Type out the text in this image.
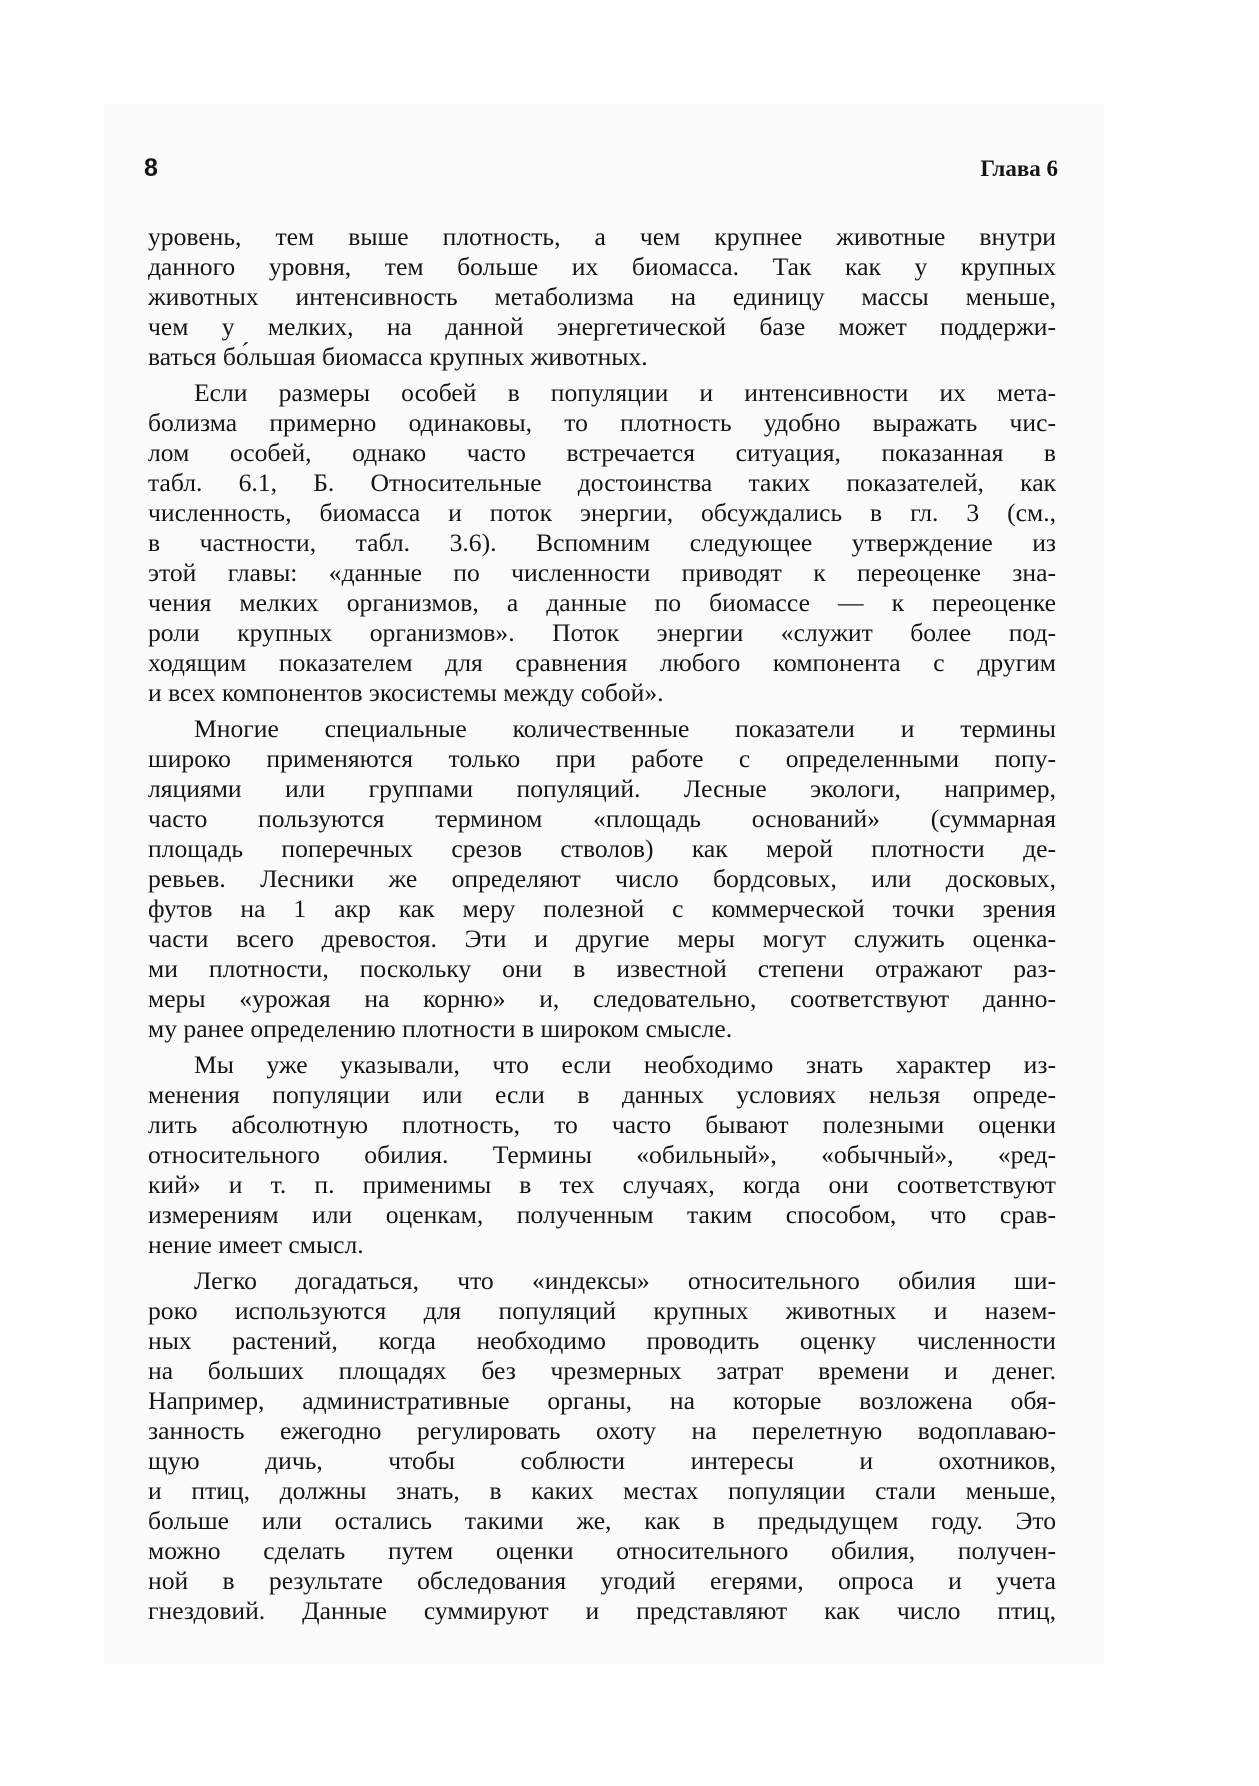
8	Глава 6
уровень, тем выше плотность, а чем крупнее животные внутри
данного уровня, тем больше их биомасса. Так как у крупных
животных интенсивность метаболизма на единицу массы меньше,
чем у мелких, на данной энергетической базе может поддержи-
ваться бо́льшая биомасса крупных животных.
Если размеры особей в популяции и интенсивности их мета-
болизма примерно одинаковы, то плотность удобно выражать чис-
лом особей, однако часто встречается ситуация, показанная в
табл. 6.1, Б. Относительные достоинства таких показателей, как
численность, биомасса и поток энергии, обсуждались в гл. 3 (см.,
в частности, табл. 3.6). Вспомним следующее утверждение из
этой главы: «данные по численности приводят к переоценке зна-
чения мелких организмов, а данные по биомассе — к переоценке
роли крупных организмов». Поток энергии «служит более под-
ходящим показателем для сравнения любого компонента с другим
и всех компонентов экосистемы между собой».
Многие специальные количественные показатели и термины
широко применяются только при работе с определенными попу-
ляциями или группами популяций. Лесные экологи, например,
часто пользуются термином «площадь оснований» (суммарная
площадь поперечных срезов стволов) как мерой плотности де-
ревьев. Лесники же определяют число бордсовых, или досковых,
футов на 1 акр как меру полезной с коммерческой точки зрения
части всего древостоя. Эти и другие меры могут служить оценка-
ми плотности, поскольку они в известной степени отражают раз-
меры «урожая на корню» и, следовательно, соответствуют данно-
му ранее определению плотности в широком смысле.
Мы уже указывали, что если необходимо знать характер из-
менения популяции или если в данных условиях нельзя опреде-
лить абсолютную плотность, то часто бывают полезными оценки
относительного обилия. Термины «обильный», «обычный», «ред-
кий» и т. п. применимы в тех случаях, когда они соответствуют
измерениям или оценкам, полученным таким способом, что срав-
нение имеет смысл.
Легко догадаться, что «индексы» относительного обилия ши-
роко используются для популяций крупных животных и назем-
ных растений, когда необходимо проводить оценку численности
на больших площадях без чрезмерных затрат времени и денег.
Например, административные органы, на которые возложена обя-
занность ежегодно регулировать охоту на перелетную водоплаваю-
щую дичь, чтобы соблюсти интересы и охотников,
и птиц, должны знать, в каких местах популяции стали меньше,
больше или остались такими же, как в предыдущем году. Это
можно сделать путем оценки относительного обилия, получен-
ной в результате обследования угодий егерями, опроса и учета
гнездовий. Данные суммируют и представляют как число птиц,
